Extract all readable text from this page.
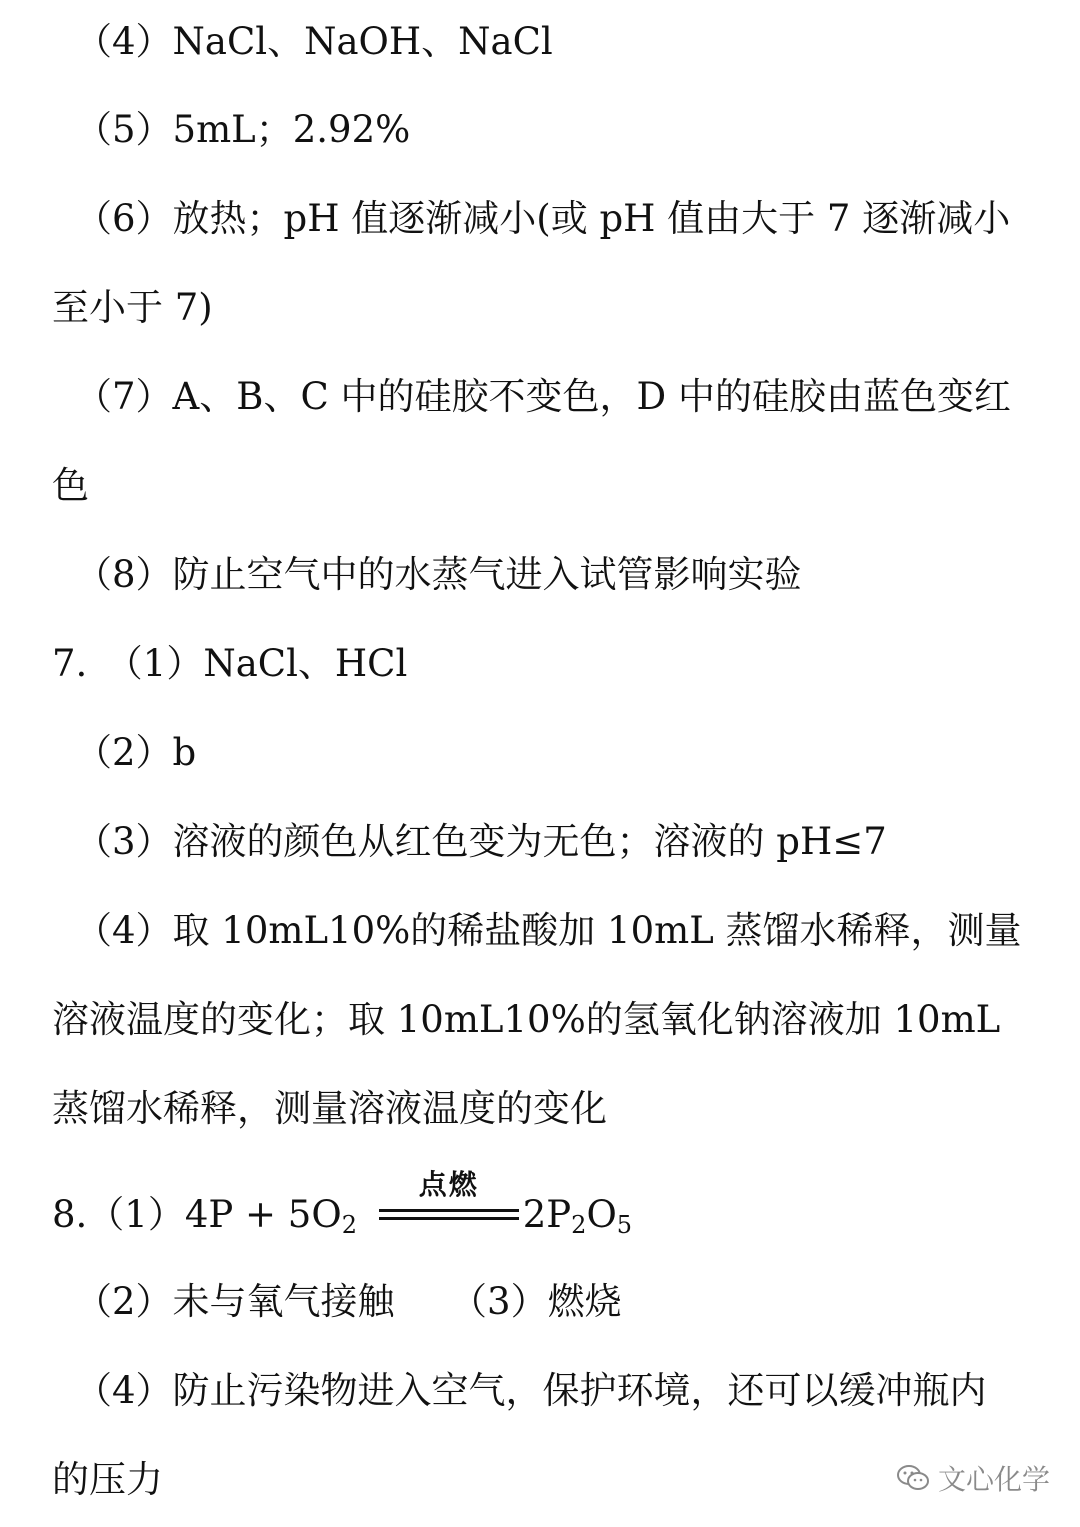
（4）NaCl、NaOH、NaCl
（5）5mL；2.92%
（6）放热；pH 值逐渐减小(或 pH 值由大于 7 逐渐减小
至小于 7)
（7）A、B、C 中的硅胶不变色，D 中的硅胶由蓝色变红
色
（8）防止空气中的水蒸气进入试管影响实验
7.　（1）NaCl、HCl
（2）b
（3）溶液的颜色从红色变为无色；溶液的 pH≤7
（4）取 10mL10%的稀盐酸加 10mL 蒸馏水稀释，测量
溶液温度的变化；取 10mL10%的氢氧化钠溶液加 10mL
蒸馏水稀释，测量溶液温度的变化
$8.(1)4P + 5O_2$
点燃
$2P_2O_5$
（2）未与氧气接触　　（3）燃烧
（4）防止污染物进入空气，保护环境，还可以缓冲瓶内
的压力	文心化学
